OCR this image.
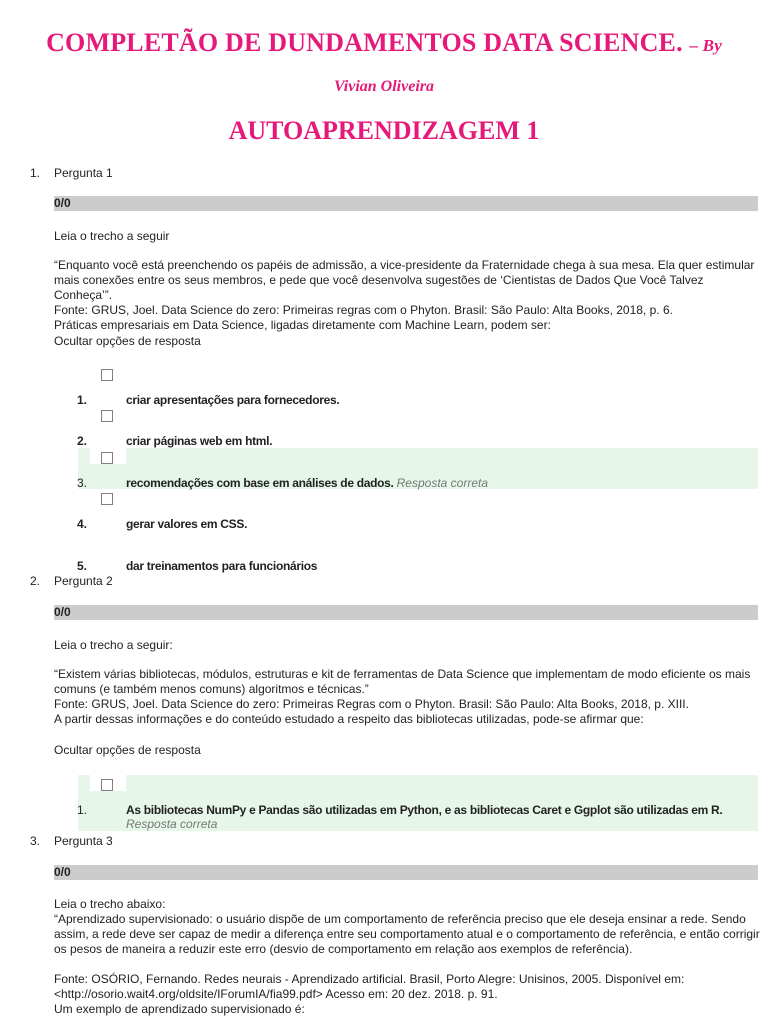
COMPLETÃO DE DUNDAMENTOS DATA SCIENCE. – By
Vivian Oliveira
AUTOAPRENDIZAGEM 1
1. Pergunta 1
0/0
Leia o trecho a seguir

“Enquanto você está preenchendo os papéis de admissão, a vice-presidente da Fraternidade chega à sua mesa. Ela quer estimular mais conexões entre os seus membros, e pede que você desenvolva sugestões de ‘Cientistas de Dados Que Você Talvez Conheça’”.

Fonte: GRUS, Joel. Data Science do zero: Primeiras regras com o Phyton. Brasil: São Paulo: Alta Books, 2018, p. 6.

Práticas empresariais em Data Science, ligadas diretamente com Machine Learn, podem ser:

Ocultar opções de resposta
1.	criar apresentações para fornecedores.
2.	criar páginas web em html.
3.	recomendações com base em análises de dados. Resposta correta
4.	gerar valores em CSS.
5.	dar treinamentos para funcionários
2. Pergunta 2
0/0
Leia o trecho a seguir:

“Existem várias bibliotecas, módulos, estruturas e kit de ferramentas de Data Science que implementam de modo eficiente os mais comuns (e também menos comuns) algoritmos e técnicas.”

Fonte: GRUS, Joel. Data Science do zero: Primeiras Regras com o Phyton. Brasil: São Paulo: Alta Books, 2018, p. XIII.

A partir dessas informações e do conteúdo estudado a respeito das bibliotecas utilizadas, pode-se afirmar que:

Ocultar opções de resposta
1.	As bibliotecas NumPy e Pandas são utilizadas em Python, e as bibliotecas Caret e Ggplot são utilizadas em R. Resposta correta
3. Pergunta 3
0/0
Leia o trecho abaixo:

“Aprendizado supervisionado: o usuário dispõe de um comportamento de referência preciso que ele deseja ensinar a rede. Sendo assim, a rede deve ser capaz de medir a diferença entre seu comportamento atual e o comportamento de referência, e então corrigir os pesos de maneira a reduzir este erro (desvio de comportamento em relação aos exemplos de referência).

Fonte: OSÓRIO, Fernando. Redes neurais - Aprendizado artificial. Brasil, Porto Alegre: Unisinos, 2005. Disponível em:

<http://osorio.wait4.org/oldsite/IForumIA/fia99.pdf> Acesso em: 20 dez. 2018. p. 91.

Um exemplo de aprendizado supervisionado é:
